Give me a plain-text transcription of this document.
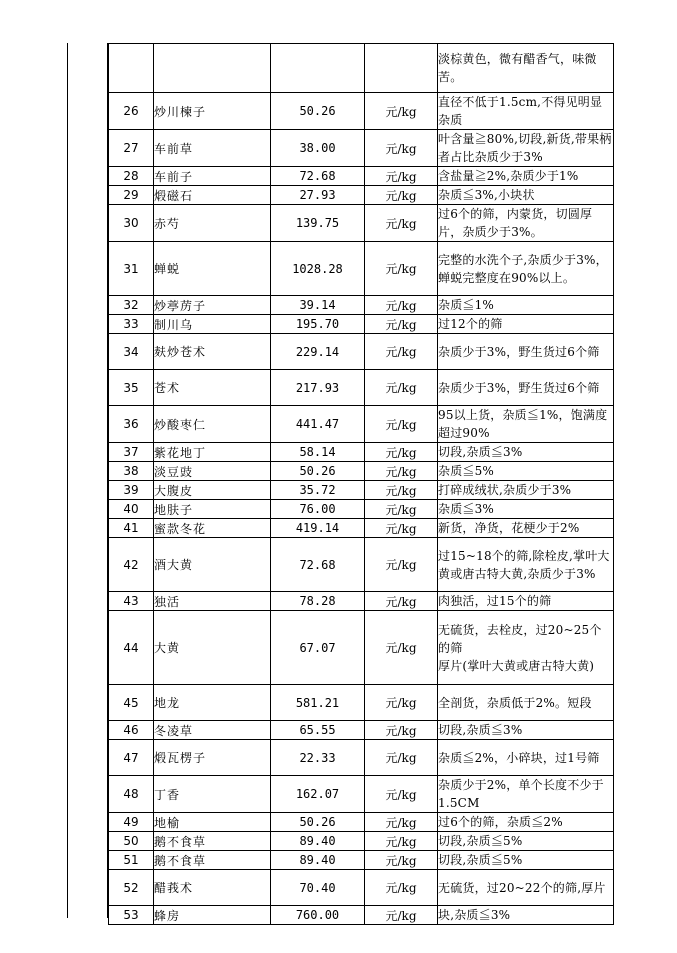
				淡棕黄色，微有醋香气，味微苦。
26	炒川楝子	50.26	元/kg	直径不低于1.5cm,不得见明显杂质
27	车前草	38.00	元/kg	叶含量≧80%,切段,新货,带果柄者占比杂质少于3%
28	车前子	72.68	元/kg	含盐量≧2%,杂质少于1%
29	煅磁石	27.93	元/kg	杂质≦3%,小块状
30	赤芍	139.75	元/kg	过6个的筛，内蒙货，切圆厚片，杂质少于3%。
31	蝉蜕	1028.28	元/kg	完整的水洗个子,杂质少于3%，蝉蜕完整度在90%以上。
32	炒葶苈子	39.14	元/kg	杂质≦1%
33	制川乌	195.70	元/kg	过12个的筛
34	麸炒苍术	229.14	元/kg	杂质少于3%，野生货过6个筛
35	苍术	217.93	元/kg	杂质少于3%，野生货过6个筛
36	炒酸枣仁	441.47	元/kg	95以上货，杂质≦1%，饱满度超过90%
37	紫花地丁	58.14	元/kg	切段,杂质≦3%
38	淡豆豉	50.26	元/kg	杂质≦5%
39	大腹皮	35.72	元/kg	打碎成绒状,杂质少于3%
40	地肤子	76.00	元/kg	杂质≦3%
41	蜜款冬花	419.14	元/kg	新货，净货，花梗少于2%
42	酒大黄	72.68	元/kg	过15~18个的筛,除栓皮,掌叶大黄或唐古特大黄,杂质少于3%
43	独活	78.28	元/kg	肉独活，过15个的筛
44	大黄	67.07	元/kg	无硫货，去栓皮，过20~25个的筛
厚片(掌叶大黄或唐古特大黄)
45	地龙	581.21	元/kg	全剖货，杂质低于2%。短段
46	冬凌草	65.55	元/kg	切段,杂质≦3%
47	煅瓦楞子	22.33	元/kg	杂质≦2%，小碎块，过1号筛
48	丁香	162.07	元/kg	杂质少于2%，单个长度不少于1.5CM
49	地榆	50.26	元/kg	过6个的筛，杂质≦2%
50	鹅不食草	89.40	元/kg	切段,杂质≦5%
51	鹅不食草	89.40	元/kg	切段,杂质≦5%
52	醋莪术	70.40	元/kg	无硫货，过20~22个的筛,厚片
53	蜂房	760.00	元/kg	块,杂质≦3%
